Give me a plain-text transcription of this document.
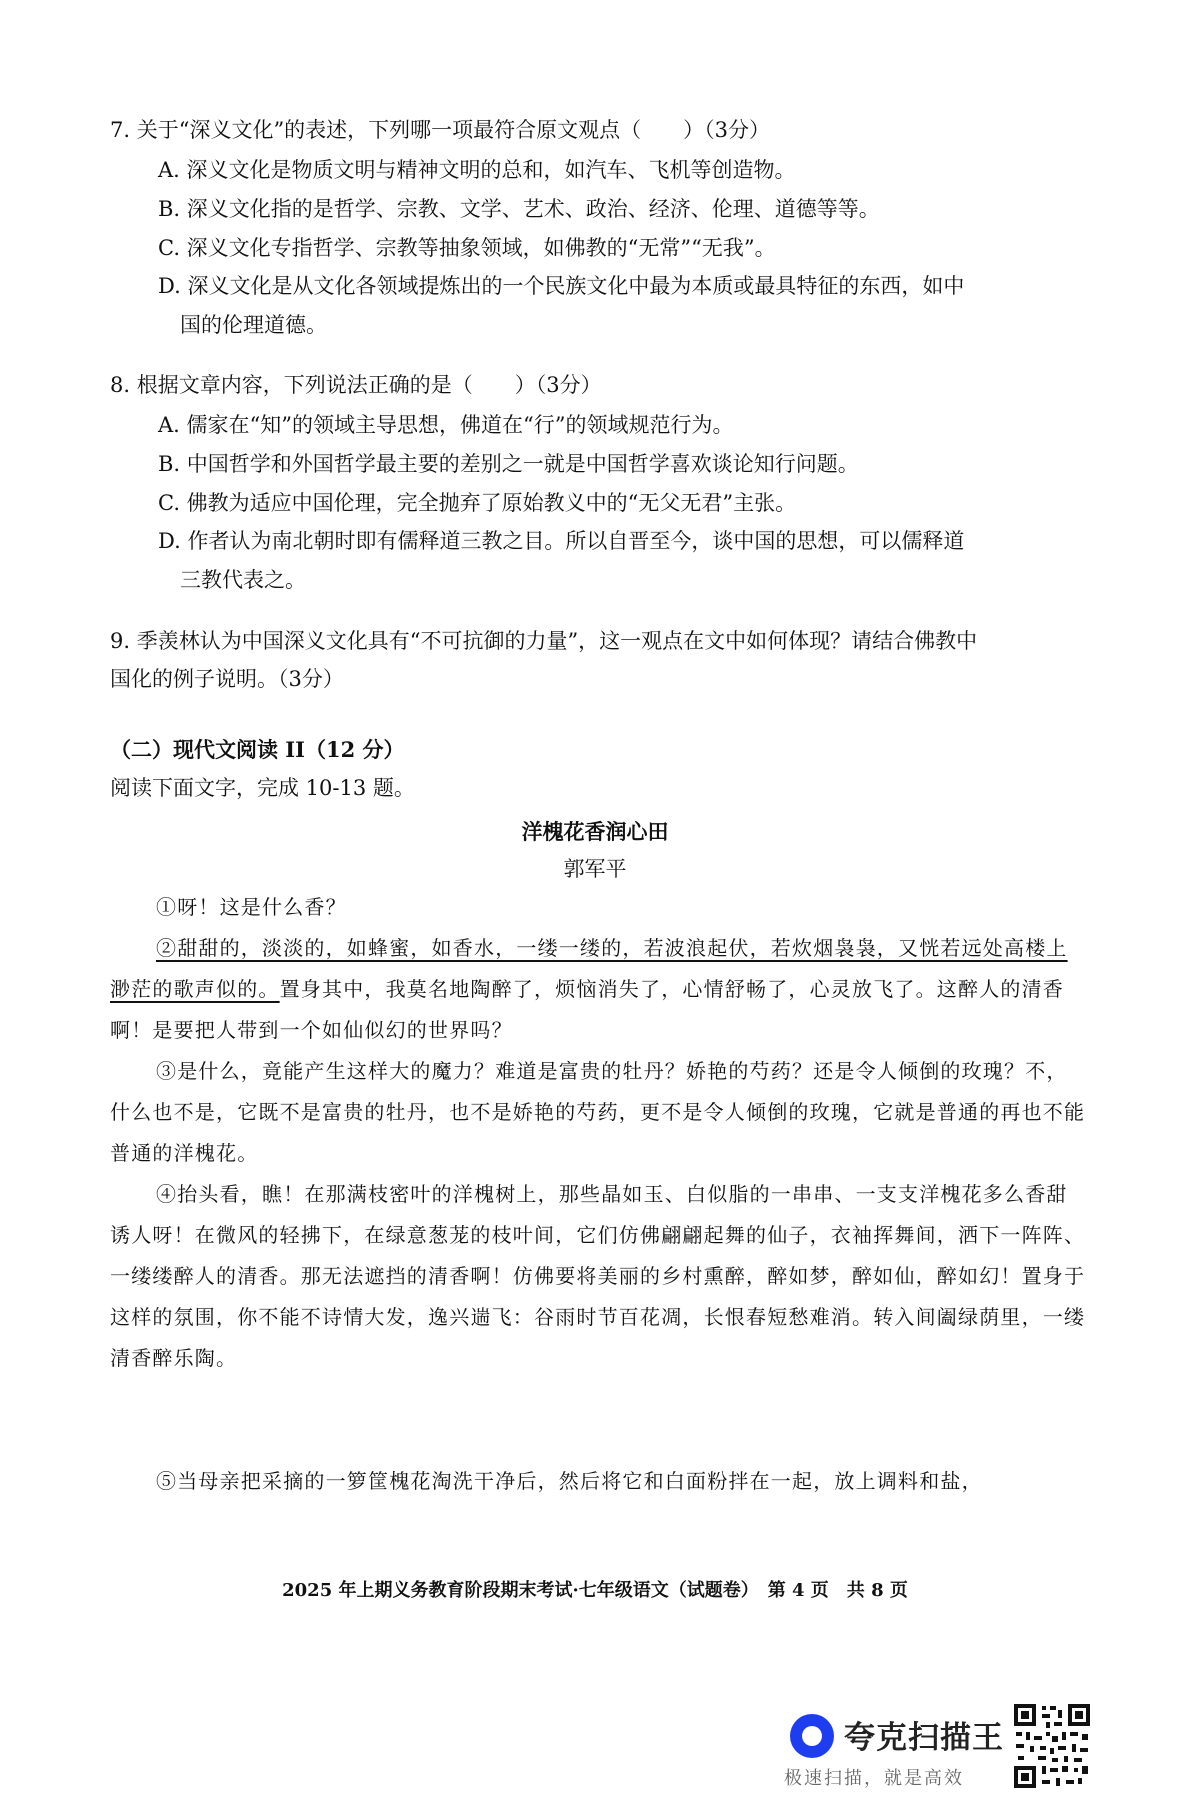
7. 关于“深义文化”的表述，下列哪一项最符合原文观点（　　）（3分）
A. 深义文化是物质文明与精神文明的总和，如汽车、飞机等创造物。
B. 深义文化指的是哲学、宗教、文学、艺术、政治、经济、伦理、道德等等。
C. 深义文化专指哲学、宗教等抽象领域，如佛教的“无常”“无我”。
D. 深义文化是从文化各领域提炼出的一个民族文化中最为本质或最具特征的东西，如中
国的伦理道德。
8. 根据文章内容，下列说法正确的是（　　）（3分）
A. 儒家在“知”的领域主导思想，佛道在“行”的领域规范行为。
B. 中国哲学和外国哲学最主要的差别之一就是中国哲学喜欢谈论知行问题。
C. 佛教为适应中国伦理，完全抛弃了原始教义中的“无父无君”主张。
D. 作者认为南北朝时即有儒释道三教之目。所以自晋至今，谈中国的思想，可以儒释道
三教代表之。
9. 季羡林认为中国深义文化具有“不可抗御的力量”，这一观点在文中如何体现？请结合佛教中
国化的例子说明。（3分）
（二）现代文阅读 II（12 分）
阅读下面文字，完成 10-13 题。
洋槐花香润心田
郭军平
①呀！这是什么香？
②甜甜的，淡淡的，如蜂蜜，如香水，一缕一缕的，若波浪起伏，若炊烟袅袅，又恍若远处高楼上渺茫的歌声似的。置身其中，我莫名地陶醉了，烦恼消失了，心情舒畅了，心灵放飞了。这醉人的清香啊！是要把人带到一个如仙似幻的世界吗？
③是什么，竟能产生这样大的魔力？难道是富贵的牡丹？娇艳的芍药？还是令人倾倒的玫瑰？不，什么也不是，它既不是富贵的牡丹，也不是娇艳的芍药，更不是令人倾倒的玫瑰，它就是普通的再也不能普通的洋槐花。
④抬头看，瞧！在那满枝密叶的洋槐树上，那些晶如玉、白似脂的一串串、一支支洋槐花多么香甜诱人呀！在微风的轻拂下，在绿意葱茏的枝叶间，它们仿佛翩翩起舞的仙子，衣袖挥舞间，洒下一阵阵、一缕缕醉人的清香。那无法遮挡的清香啊！仿佛要将美丽的乡村熏醉，醉如梦，醉如仙，醉如幻！置身于这样的氛围，你不能不诗情大发，逸兴遄飞：谷雨时节百花凋，长恨春短愁难消。转入间阖绿荫里，一缕清香醉乐陶。
⑤当母亲把采摘的一箩筐槐花淘洗干净后，然后将它和白面粉拌在一起，放上调料和盐，
2025 年上期义务教育阶段期末考试·七年级语文（试题卷）　第 4 页　共 8 页
夸克扫描王
极速扫描，就是高效
